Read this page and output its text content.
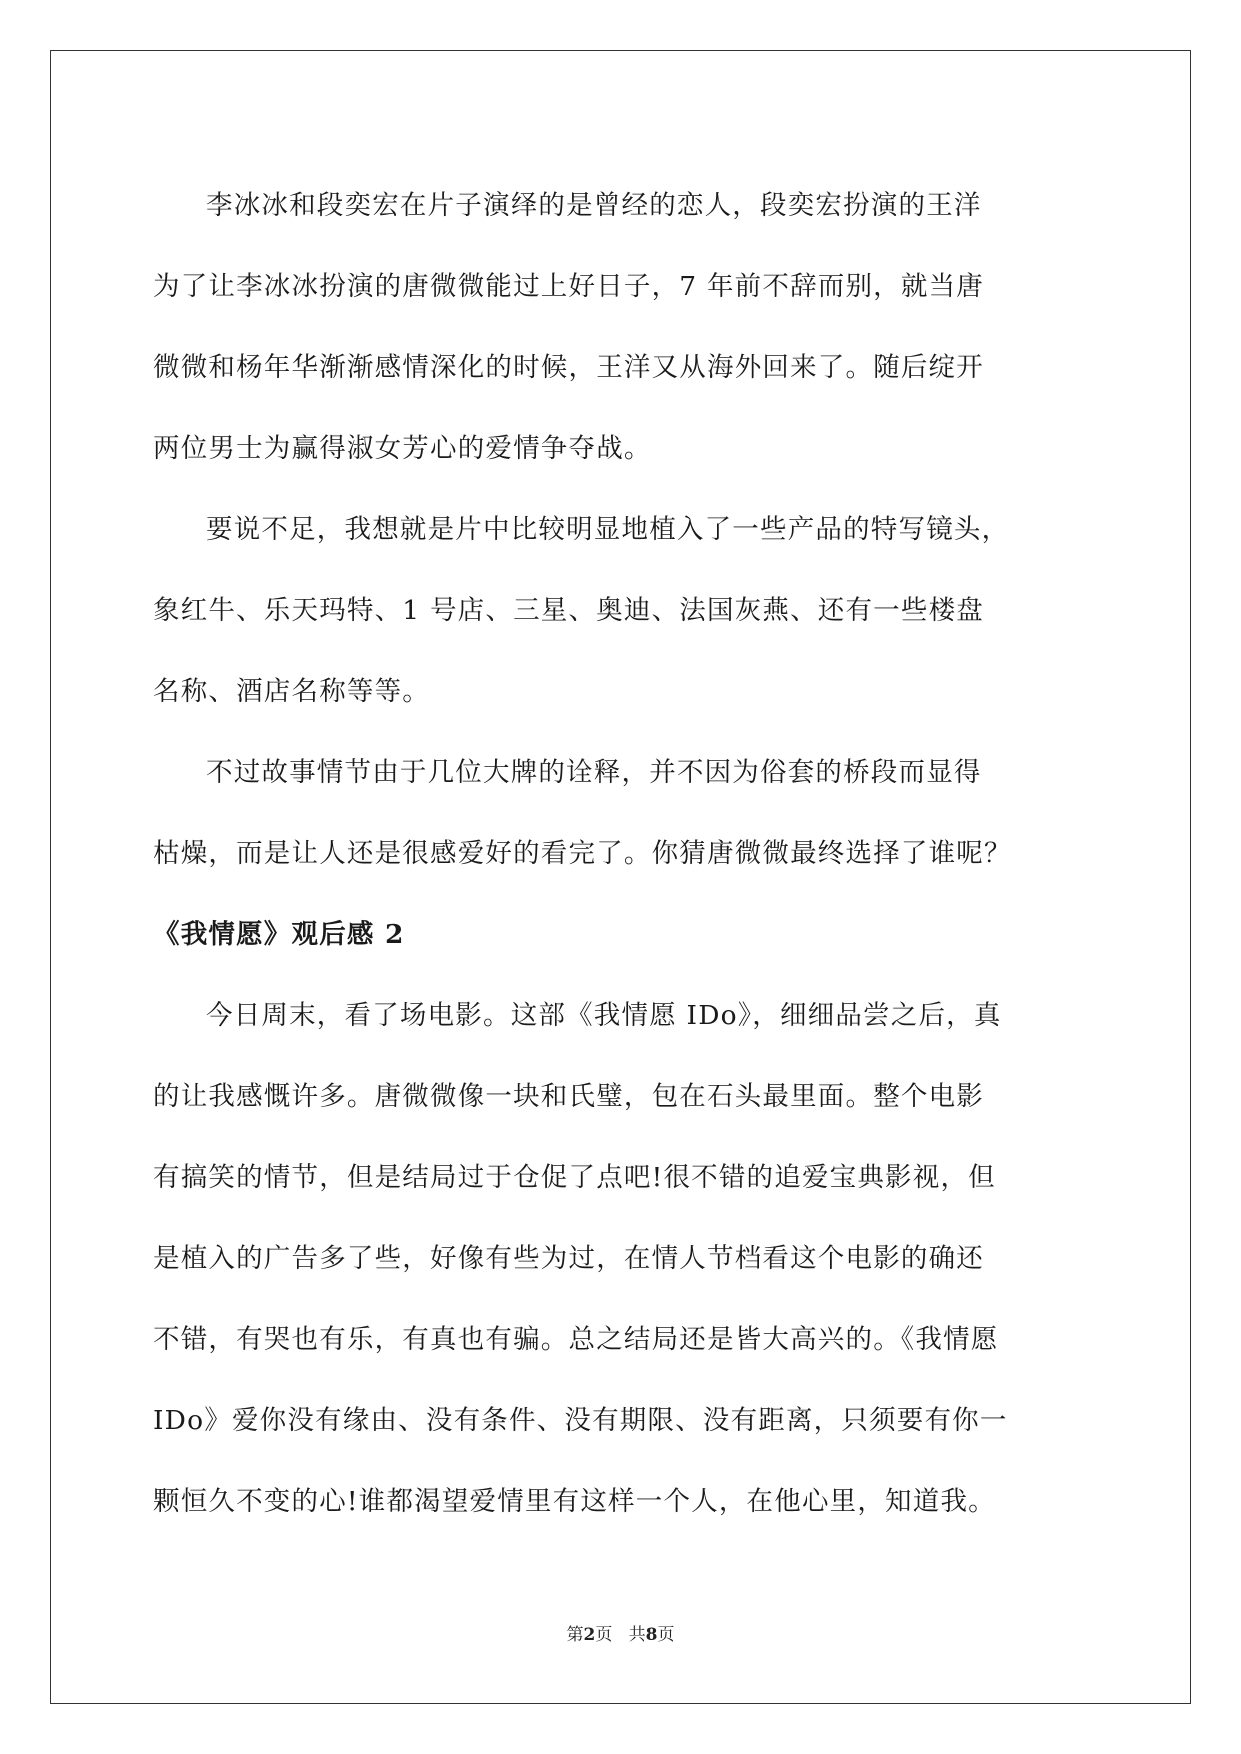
李冰冰和段奕宏在片子演绎的是曾经的恋人，段奕宏扮演的王洋
为了让李冰冰扮演的唐微微能过上好日子，7 年前不辞而别，就当唐
微微和杨年华渐渐感情深化的时候，王洋又从海外回来了。随后绽开
两位男士为赢得淑女芳心的爱情争夺战。

要说不足，我想就是片中比较明显地植入了一些产品的特写镜头，
象红牛、乐天玛特、1 号店、三星、奥迪、法国灰燕、还有一些楼盘
名称、酒店名称等等。

不过故事情节由于几位大牌的诠释，并不因为俗套的桥段而显得
枯燥，而是让人还是很感爱好的看完了。你猜唐微微最终选择了谁呢？

《我情愿》观后感 2

今日周末，看了场电影。这部《我情愿 IDo》，细细品尝之后，真
的让我感慨许多。唐微微像一块和氏璧，包在石头最里面。整个电影
有搞笑的情节，但是结局过于仓促了点吧!很不错的追爱宝典影视，但
是植入的广告多了些，好像有些为过，在情人节档看这个电影的确还
不错，有哭也有乐，有真也有骗。总之结局还是皆大高兴的。《我情愿
IDo》爱你没有缘由、没有条件、没有期限、没有距离，只须要有你一
颗恒久不变的心!谁都渴望爱情里有这样一个人，在他心里，知道我。

第2页 共8页
